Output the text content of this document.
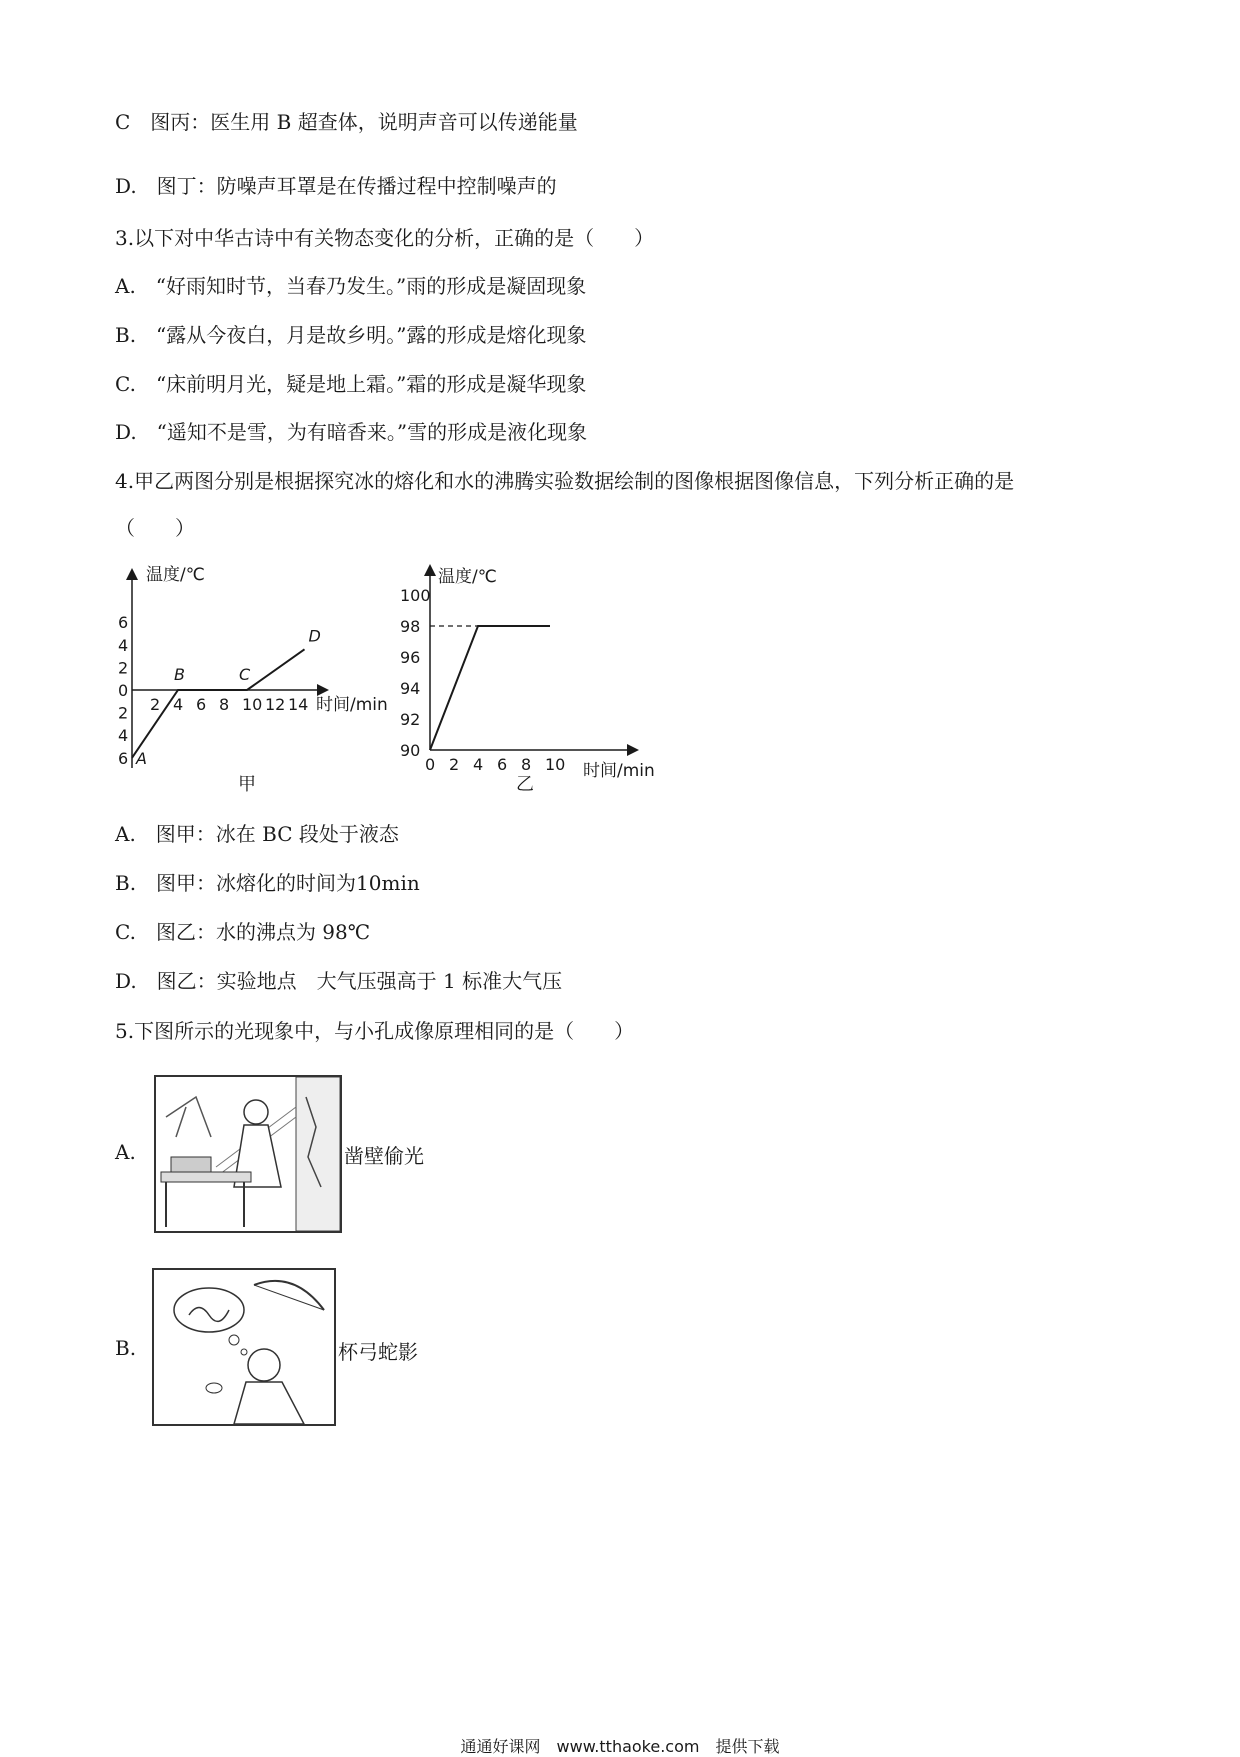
C　图丙：医生用 B 超查体，说明声音可以传递能量
D.　图丁：防噪声耳罩是在传播过程中控制噪声的
3.以下对中华古诗中有关物态变化的分析，正确的是（　　）
A.　“好雨知时节，当春乃发生。”雨的形成是凝固现象
B.　“露从今夜白，月是故乡明。”露的形成是熔化现象
C.　“床前明月光，疑是地上霜。”霜的形成是凝华现象
D.　“遥知不是雪，为有暗香来。”雪的形成是液化现象
4.甲乙两图分别是根据探究冰的熔化和水的沸腾实验数据绘制的图像根据图像信息，下列分析正确的是
（　　）
温度/℃
时间/min
2 4 6 8 10 12 14
6
4
2
0
2
4
6 A
B	C
D
甲
温度/℃
时间/min
0 2 4 6 8 10
90
92
94
96
98
100
乙
A.　图甲：冰在 BC 段处于液态
B.　图甲：冰熔化的时间为10min
C.　图乙：水的沸点为 98℃
D.　图乙：实验地点　大气压强高于 1 标准大气压
5.下图所示的光现象中，与小孔成像原理相同的是（　　）
A.	凿壁偷光
B.	杯弓蛇影
通通好课网　www.tthaoke.com　提供下载
